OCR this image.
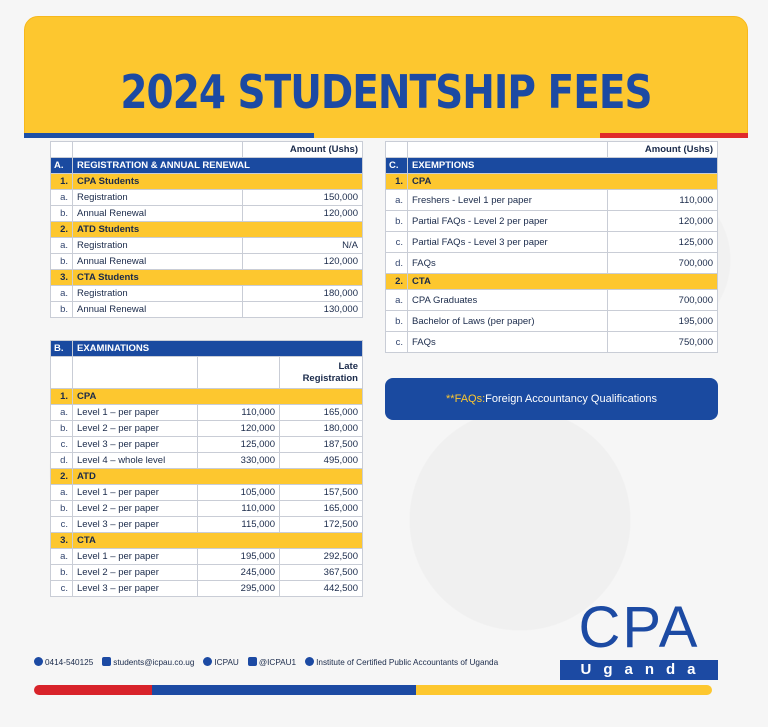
2024 STUDENTSHIP FEES
		Amount (Ushs)
A.	REGISTRATION & ANNUAL RENEWAL	
1.	CPA Students	
a.	Registration	150,000
b.	Annual Renewal	120,000
2.	ATD Students	
a.	Registration	N/A
b.	Annual Renewal	120,000
3.	CTA Students	
a.	Registration	180,000
b.	Annual Renewal	130,000
B.	EXAMINATIONS		

			Late
Registration

1.	CPA		
a.	Level 1 – per paper	110,000	165,000
b.	Level 2 – per paper	120,000	180,000
c.	Level 3 – per paper	125,000	187,500
d.	Level 4 – whole level	330,000	495,000
2.	ATD		
a.	Level 1 – per paper	105,000	157,500
b.	Level 2 – per paper	110,000	165,000
c.	Level 3 – per paper	115,000	172,500
3.	CTA		
a.	Level 1 – per paper	195,000	292,500
b.	Level 2 – per paper	245,000	367,500
c.	Level 3 – per paper	295,000	442,500
		Amount (Ushs)
C.	EXEMPTIONS	
1.	CPA	
a.	Freshers - Level 1 per paper	110,000
b.	Partial FAQs - Level 2 per paper	120,000
c.	Partial FAQs - Level 3 per paper	125,000
d.	FAQs	700,000
2.	CTA	
a.	CPA Graduates	700,000
b.	Bachelor of Laws (per paper)	195,000
c.	FAQs	750,000
**FAQs: Foreign Accountancy Qualifications
CPA
Uganda
0414-540125	students@icpau.co.ug	ICPAU	@ICPAU1	Institute of Certified Public Accountants of Uganda
